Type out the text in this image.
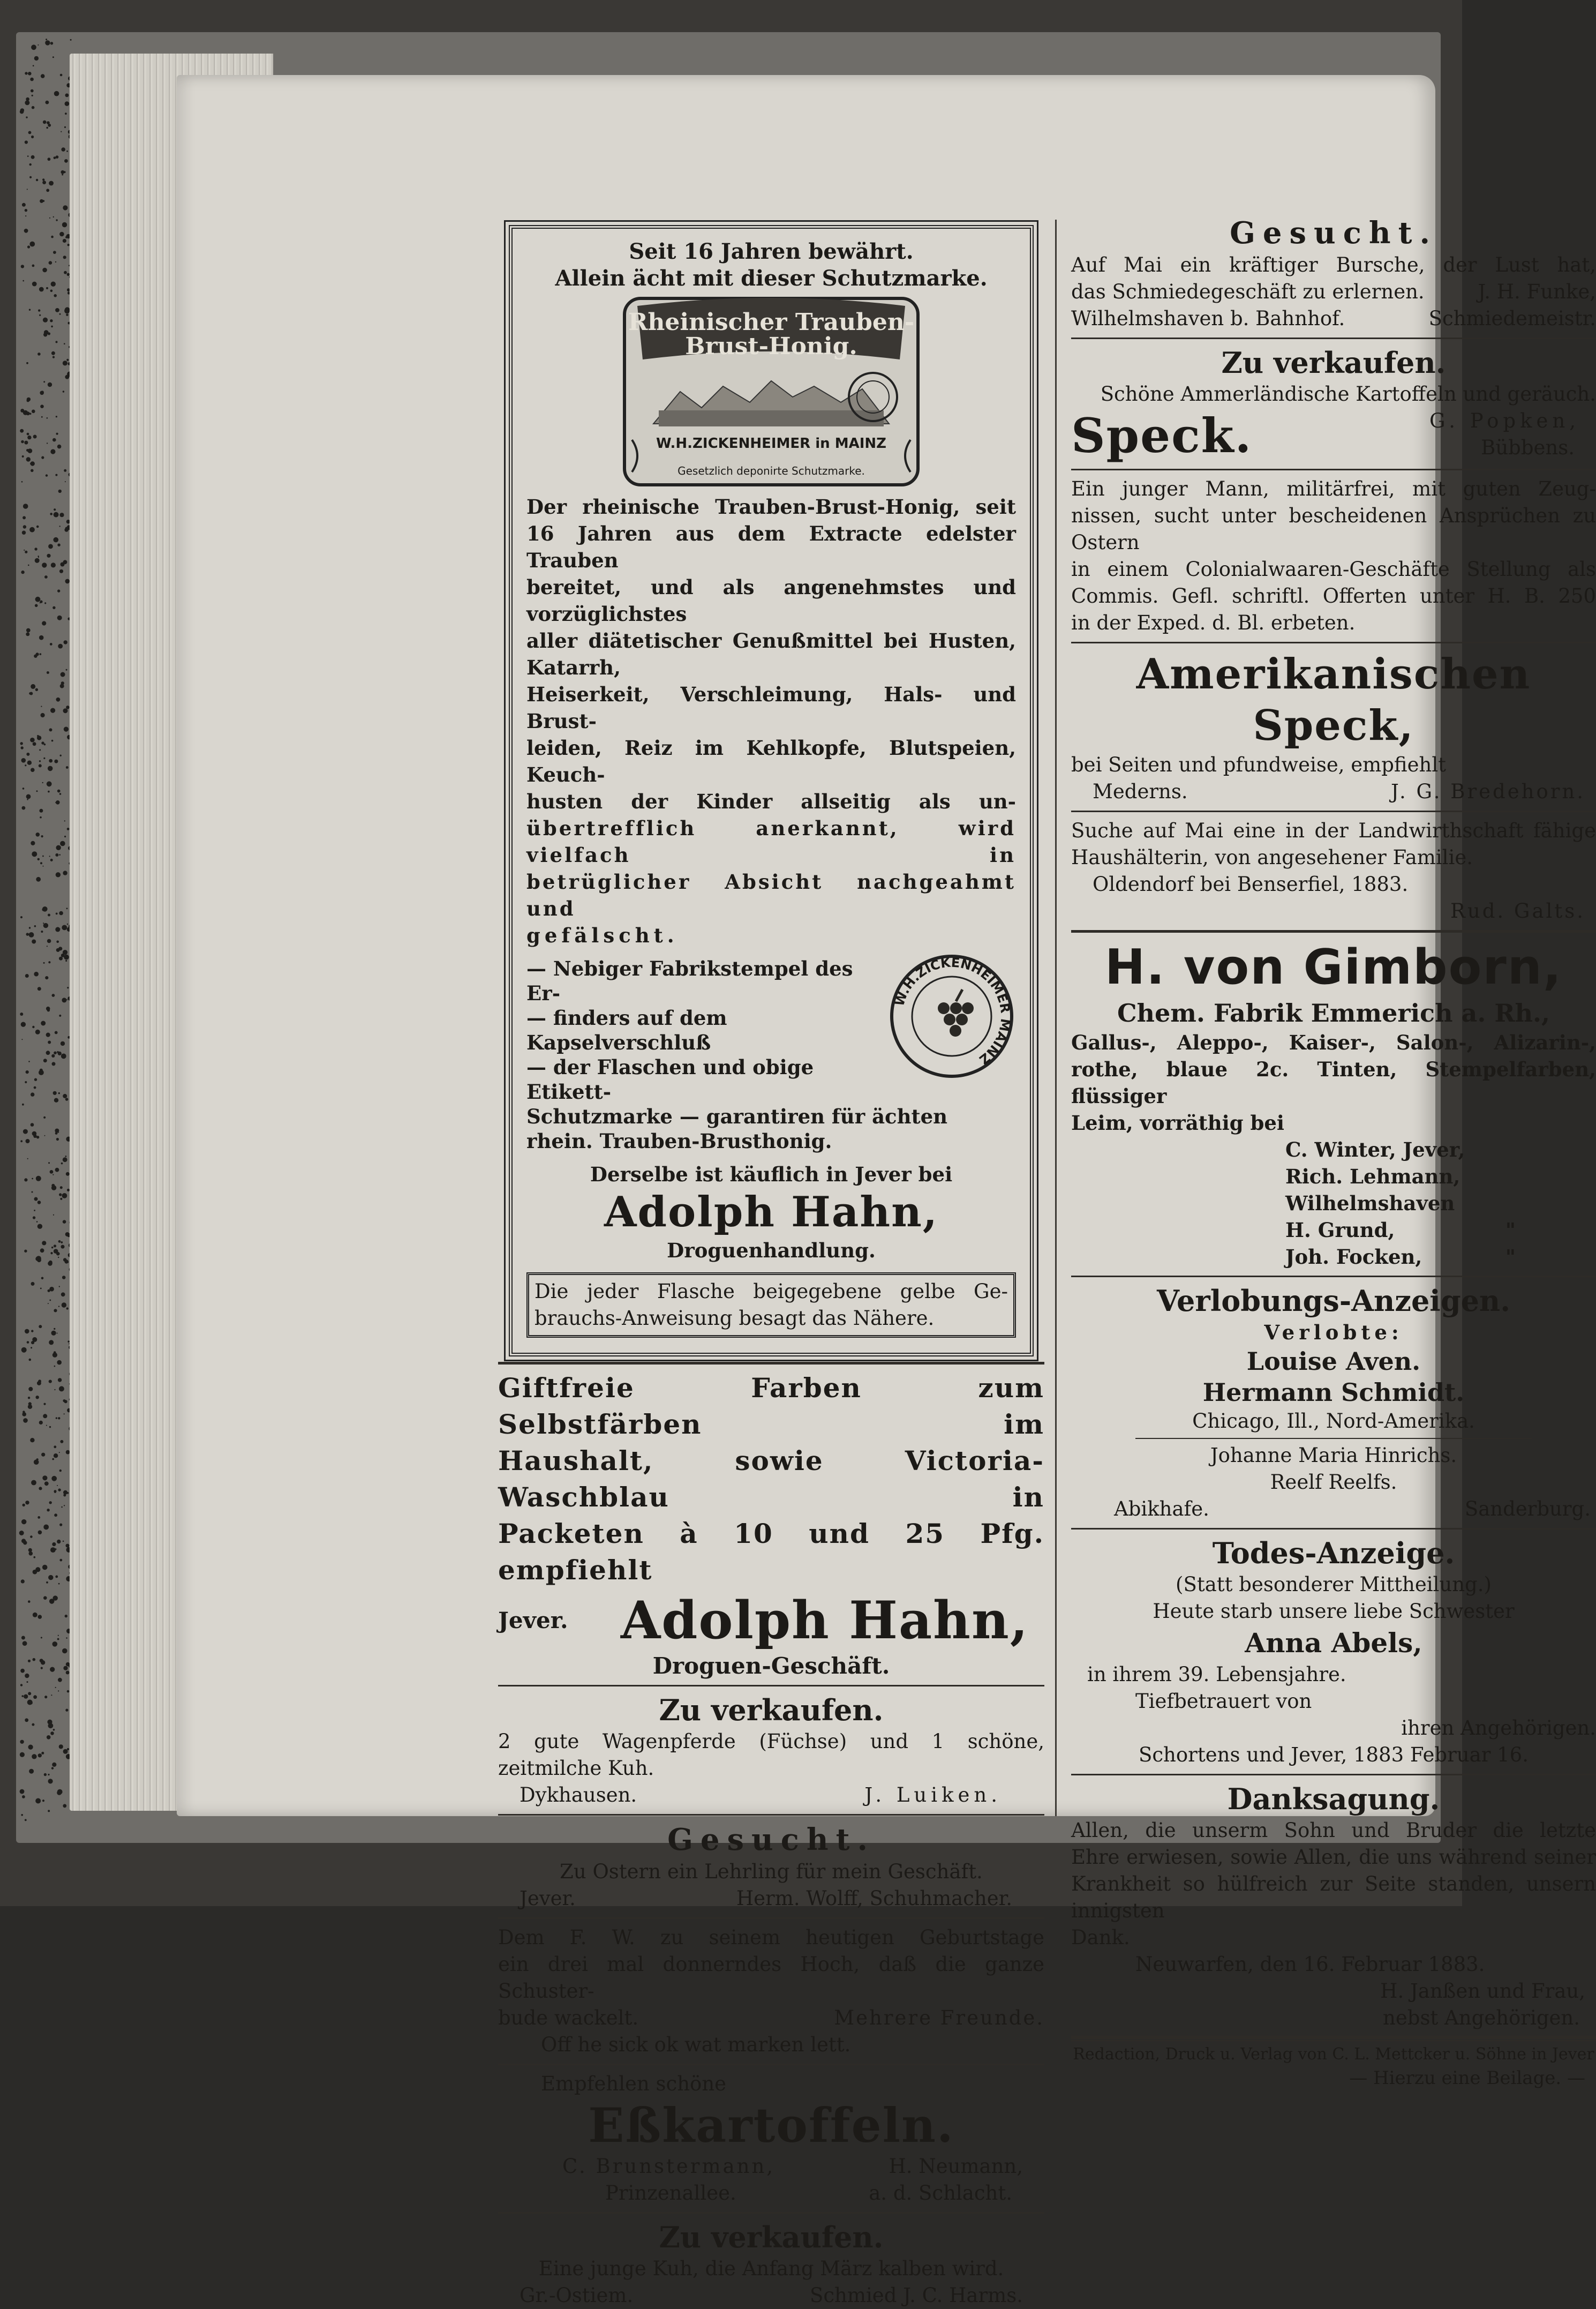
Seit 16 Jahren bewährt.
Allein ächt mit dieser Schutzmarke.
Rheinischer Trauben-
Brust-Honig.
W.H.ZICKENHEIMER in MAINZ
Gesetzlich deponirte Schutzmarke.
Der rheinische Trauben-Brust-Honig, seit
16 Jahren aus dem Extracte edelster Trauben
bereitet, und als angenehmstes und vorzüglichstes
aller diätetischer Genußmittel bei Husten, Katarrh,
Heiserkeit, Verschleimung, Hals- und Brust-
leiden, Reiz im Kehlkopfe, Blutspeien, Keuch-
husten der Kinder allseitig als un-
übertrefflich anerkannt, wird vielfach in
betrüglicher Absicht nachgeahmt und
gefälscht.
W.H.ZICKENHEIMER MAINZ
— Nebiger Fabrikstempel des Er-
— finders auf dem Kapselverschluß
— der Flaschen und obige Etikett-
Schutzmarke — garantiren für ächten
rhein. Trauben-Brusthonig.
Derselbe ist käuflich in Jever bei
Adolph Hahn,
Droguenhandlung.
Die jeder Flasche beigegebene gelbe Ge-
brauchs-Anweisung besagt das Nähere.
Giftfreie Farben zum Selbstfärben im
Haushalt, sowie Victoria-Waschblau in
Packeten à 10 und 25 Pfg. empfiehlt
Jever.	Adolph Hahn,
Droguen-Geschäft.
Zu verkaufen.
2 gute Wagenpferde (Füchse) und 1 schöne,
zeitmilche Kuh.
Dykhausen.	J. Luiken.
Gesucht.
Zu Ostern ein Lehrling für mein Geschäft.
Jever.	Herm. Wolff, Schuhmacher.
Dem F. W. zu seinem heutigen Geburtstage
ein drei mal donnerndes Hoch, daß die ganze Schuster-
bude wackelt.	Mehrere Freunde.
Off he sick ok wat marken lett.
Empfehlen schöne
Eßkartoffeln.
C. Brunstermann,	H. Neumann,
Prinzenallee.	a. d. Schlacht.
Zu verkaufen.
Eine junge Kuh, die Anfang März kalben wird.
Gr.-Ostiem.	Schmied J. C. Harms.
Gesucht.
Auf Mai ein kräftiger Bursche, der Lust hat,
das Schmiedegeschäft zu erlernen.	J. H. Funke,
Wilhelmshaven b. Bahnhof.	Schmiedemeistr.
Zu verkaufen.
Schöne Ammerländische Kartoffeln und geräuch.
Speck.	G. Popken,
Bübbens.
Ein junger Mann, militärfrei, mit guten Zeug-
nissen, sucht unter bescheidenen Ansprüchen zu Ostern
in einem Colonialwaaren-Geschäfte Stellung als
Commis. Gefl. schriftl. Offerten unter H. B. 250
in der Exped. d. Bl. erbeten.
Amerikanischen Speck,
bei Seiten und pfundweise, empfiehlt
Mederns.	J. G. Bredehorn.
Suche auf Mai eine in der Landwirthschaft fähige
Haushälterin, von angesehener Familie.
Oldendorf bei Benserfiel, 1883.
Rud. Galts.
H. von Gimborn,
Chem. Fabrik Emmerich a. Rh.,
Gallus-, Aleppo-, Kaiser-, Salon-, Alizarin-,
rothe, blaue 2c. Tinten, Stempelfarben, flüssiger
Leim, vorräthig bei
C. Winter, Jever,
Rich. Lehmann, Wilhelmshaven
H. Grund,	"
Joh. Focken,	"
Verlobungs-Anzeigen.
Verlobte:
Louise Aven.
Hermann Schmidt.
Chicago, Ill., Nord-Amerika.
Johanne Maria Hinrichs.
Reelf Reelfs.
Abikhafe.	Sanderburg.
Todes-Anzeige.
(Statt besonderer Mittheilung.)
Heute starb unsere liebe Schwester
Anna Abels,
in ihrem 39. Lebensjahre.
Tiefbetrauert von
ihren Angehörigen.
Schortens und Jever, 1883 Februar 16.
Danksagung.
Allen, die unserm Sohn und Bruder die letzte
Ehre erwiesen, sowie Allen, die uns während seiner
Krankheit so hülfreich zur Seite standen, unsern innigsten
Dank.
Neuwarfen, den 16. Februar 1883.
H. Janßen und Frau,
nebst Angehörigen.
Redaction, Druck u. Verlag von C. L. Mettcker u. Söhne in Jever
— Hierzu eine Beilage. —
